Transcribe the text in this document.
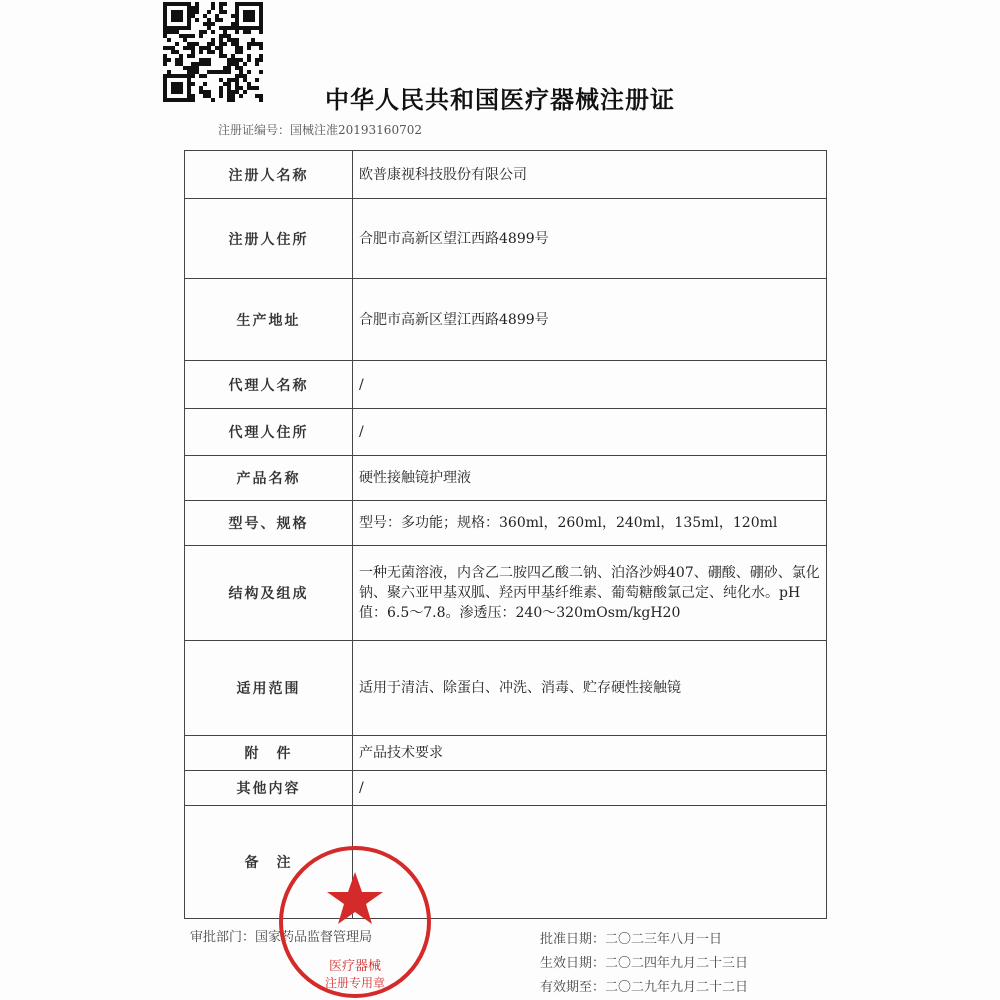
中华人民共和国医疗器械注册证
注册证编号：国械注准20193160702
注册人名称	欧普康视科技股份有限公司
注册人住所	合肥市高新区望江西路4899号
生产地址	合肥市高新区望江西路4899号
代理人名称	/
代理人住所	/
产品名称	硬性接触镜护理液
型号、规格	型号：多功能；规格：360ml，260ml，240ml，135ml，120ml
结构及组成	一种无菌溶液，内含乙二胺四乙酸二钠、泊洛沙姆407、硼酸、硼砂、氯化钠、聚六亚甲基双胍、羟丙甲基纤维素、葡萄糖酸氯己定、纯化水。pH值：6.5～7.8。渗透压：240～320mOsm/kgH20
适用范围	适用于清洁、除蛋白、冲洗、消毒、贮存硬性接触镜
附　件	产品技术要求
其他内容	/
备　注	
审批部门：国家药品监督管理局	批准日期：二〇二三年八月一日
生效日期：二〇二四年九月二十三日
有效期至：二〇二九年九月二十二日
医疗器械
注册专用章
